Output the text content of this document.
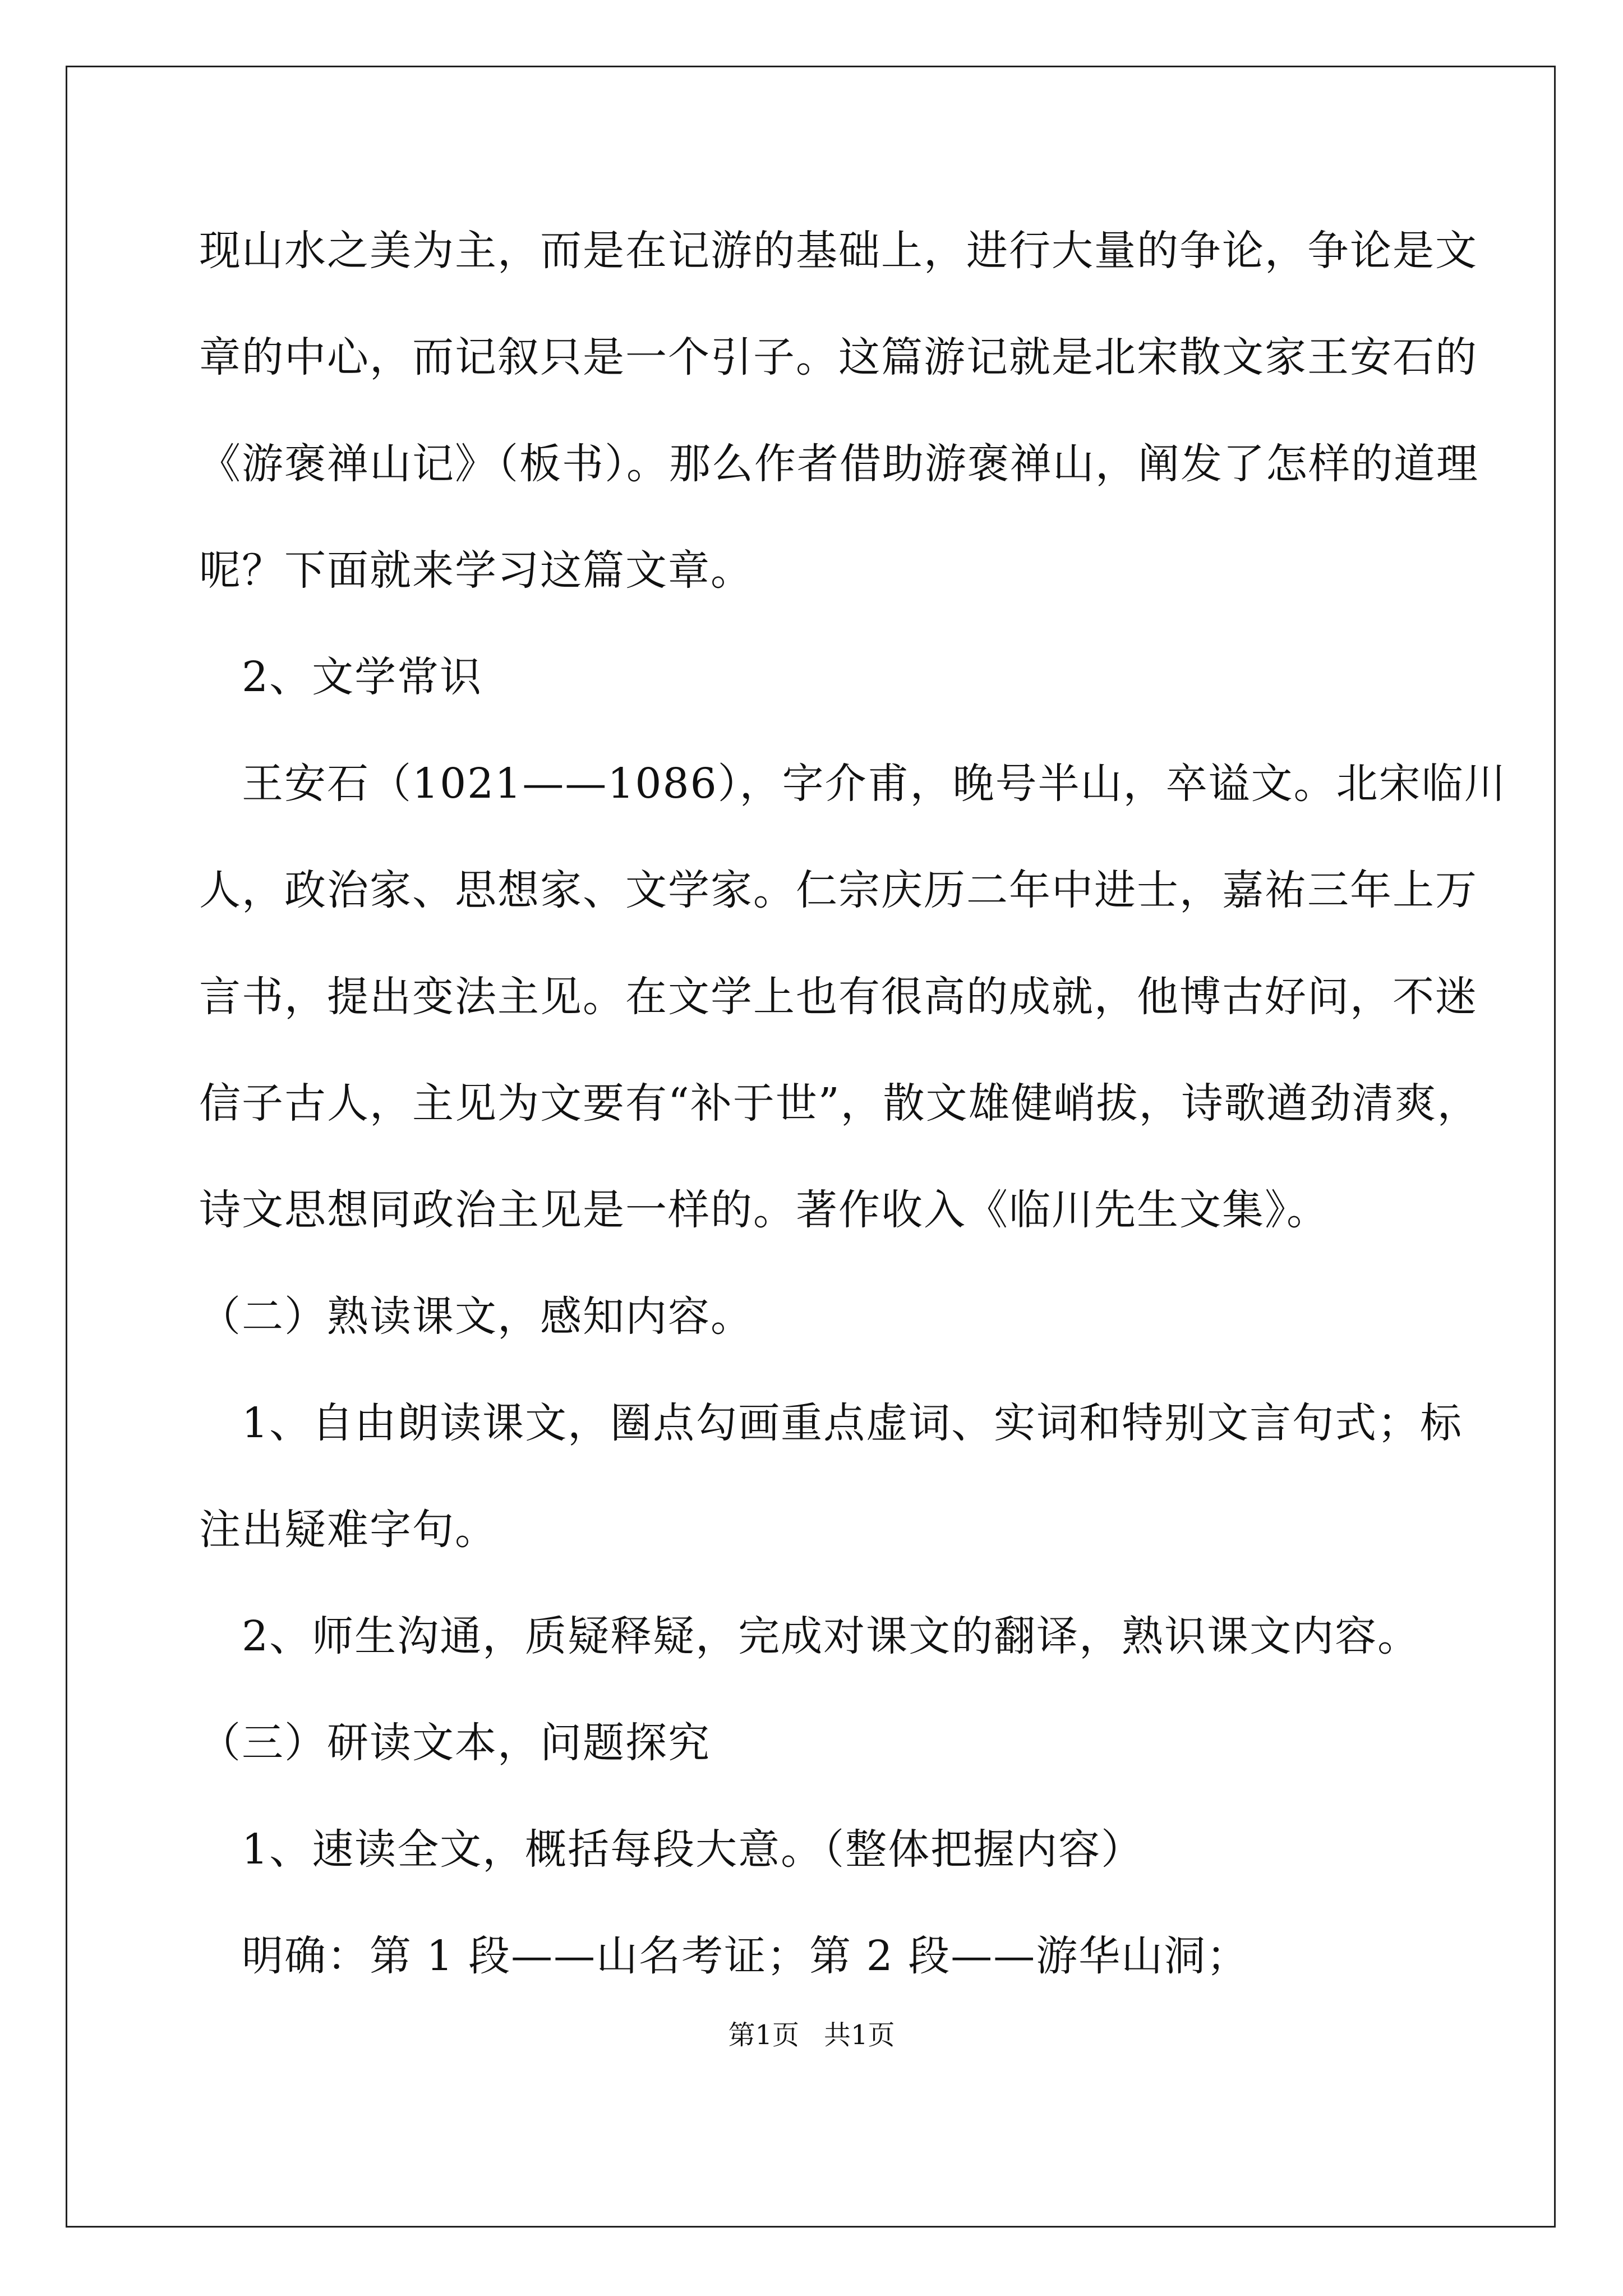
现山水之美为主，而是在记游的基础上，进行大量的争论，争论是文
章的中心，而记叙只是一个引子。这篇游记就是北宋散文家王安石的
《游褒禅山记》（板书）。那么作者借助游褒禅山，阐发了怎样的道理
呢？下面就来学习这篇文章。
　2、文学常识
　王安石（1021——1086），字介甫，晚号半山，卒谥文。北宋临川
人，政治家、思想家、文学家。仁宗庆历二年中进士，嘉祐三年上万
言书，提出变法主见。在文学上也有很高的成就，他博古好问，不迷
信子古人，主见为文要有“补于世”，散文雄健峭拔，诗歌遒劲清爽，
诗文思想同政治主见是一样的。著作收入《临川先生文集》。
（二）熟读课文，感知内容。
　1、自由朗读课文，圈点勾画重点虚词、实词和特别文言句式；标
注出疑难字句。
　2、师生沟通，质疑释疑，完成对课文的翻译，熟识课文内容。
（三）研读文本，问题探究
　1、速读全文，概括每段大意。（整体把握内容）
　明确：第 1 段——山名考证；第 2 段——游华山洞；
第1页 共1页
